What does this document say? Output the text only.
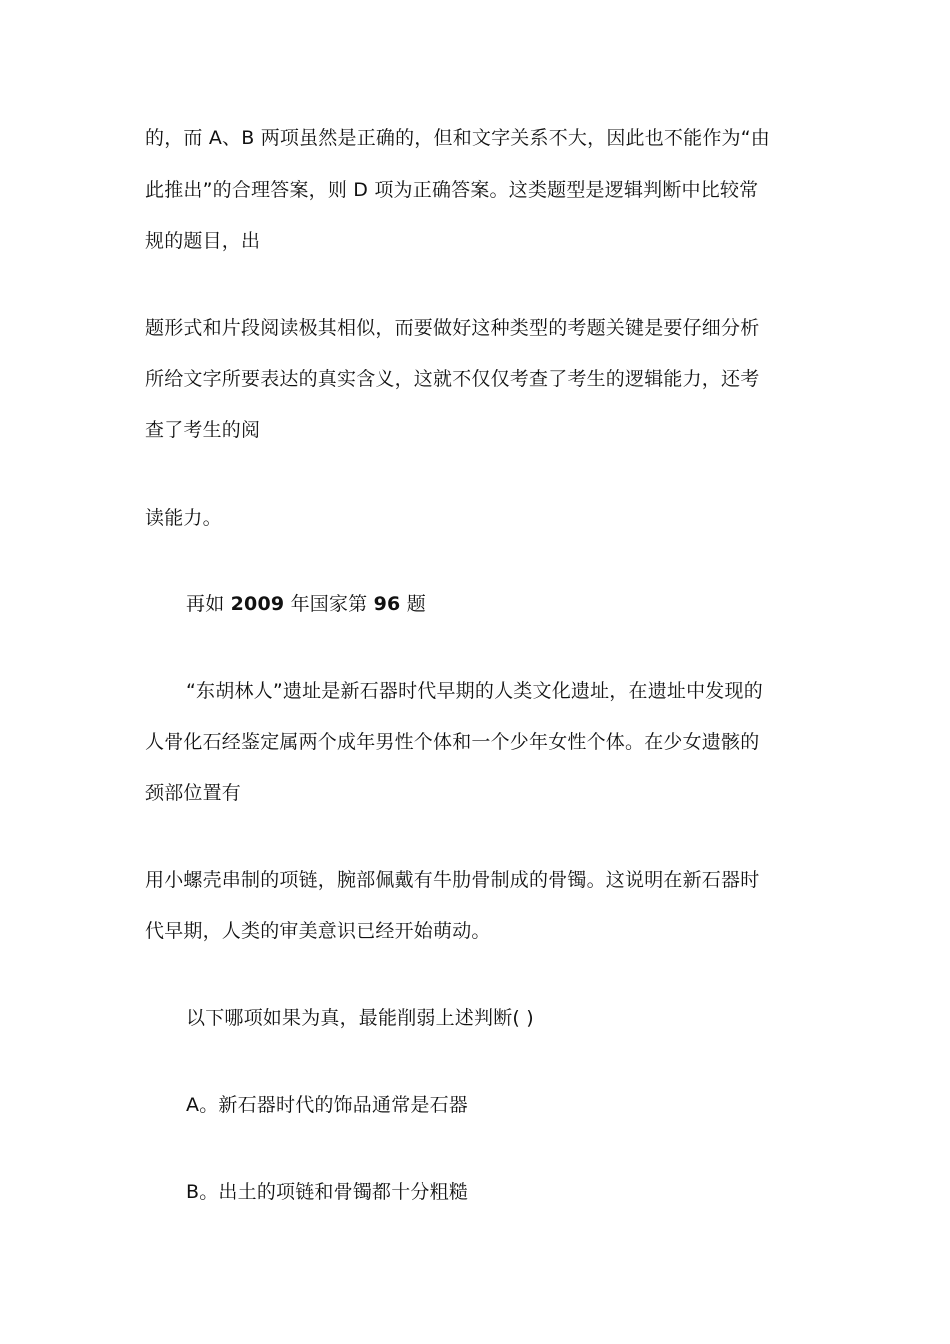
的，而 A、B 两项虽然是正确的，但和文字关系不大，因此也不能作为“由
此推出”的合理答案，则 D 项为正确答案。这类题型是逻辑判断中比较常
规的题目，出
题形式和片段阅读极其相似，而要做好这种类型的考题关键是要仔细分析
所给文字所要表达的真实含义，这就不仅仅考查了考生的逻辑能力，还考
查了考生的阅
读能力。
再如 2009 年国家第 96 题
“东胡林人”遗址是新石器时代早期的人类文化遗址，在遗址中发现的
人骨化石经鉴定属两个成年男性个体和一个少年女性个体。在少女遗骸的
颈部位置有
用小螺壳串制的项链，腕部佩戴有牛肋骨制成的骨镯。这说明在新石器时
代早期，人类的审美意识已经开始萌动。
以下哪项如果为真，最能削弱上述判断( )
A。新石器时代的饰品通常是石器
B。出土的项链和骨镯都十分粗糙
